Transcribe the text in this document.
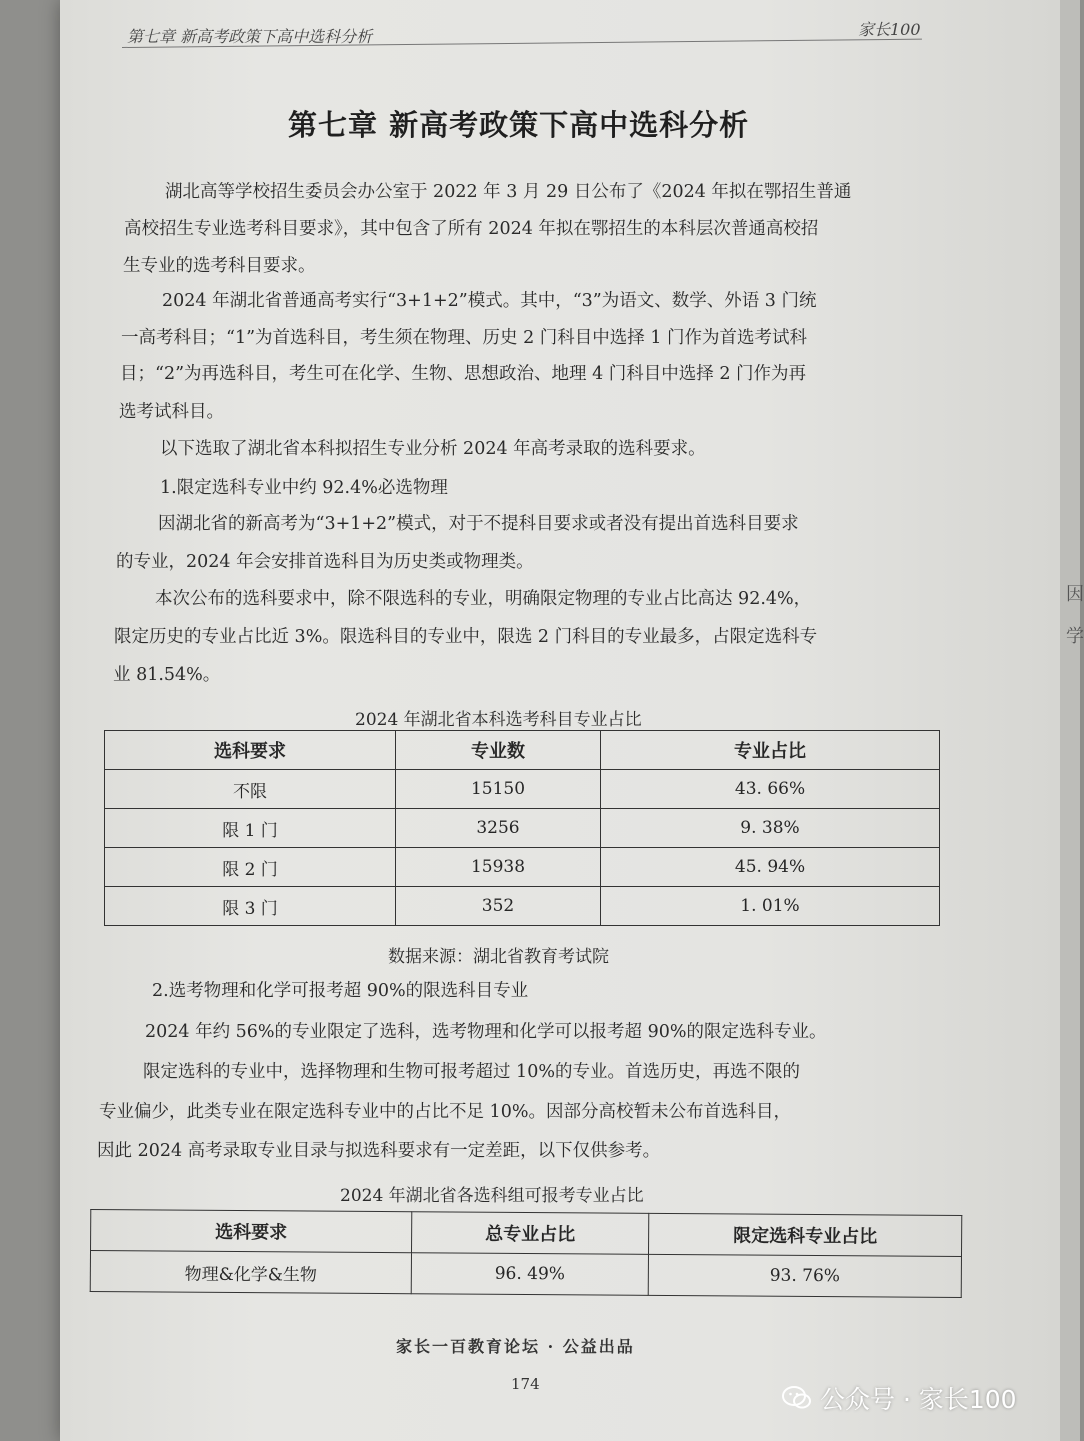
因
学
第七章 新高考政策下高中选科分析	家长100
第七章 新高考政策下高中选科分析
湖北高等学校招生委员会办公室于 2022 年 3 月 29 日公布了《2024 年拟在鄂招生普通
高校招生专业选考科目要求》，其中包含了所有 2024 年拟在鄂招生的本科层次普通高校招
生专业的选考科目要求。
2024 年湖北省普通高考实行“3+1+2”模式。其中，“3”为语文、数学、外语 3 门统
一高考科目；“1”为首选科目，考生须在物理、历史 2 门科目中选择 1 门作为首选考试科
目；“2”为再选科目，考生可在化学、生物、思想政治、地理 4 门科目中选择 2 门作为再
选考试科目。
以下选取了湖北省本科拟招生专业分析 2024 年高考录取的选科要求。
1.限定选科专业中约 92.4%必选物理
因湖北省的新高考为“3+1+2”模式，对于不提科目要求或者没有提出首选科目要求
的专业，2024 年会安排首选科目为历史类或物理类。
本次公布的选科要求中，除不限选科的专业，明确限定物理的专业占比高达 92.4%，
限定历史的专业占比近 3%。限选科目的专业中，限选 2 门科目的专业最多，占限定选科专
业 81.54%。
2024 年湖北省本科选考科目专业占比
选科要求	专业数	专业占比
不限	15150	43. 66%
限 1 门	3256	9. 38%
限 2 门	15938	45. 94%
限 3 门	352	1. 01%
数据来源：湖北省教育考试院
2.选考物理和化学可报考超 90%的限选科目专业
2024 年约 56%的专业限定了选科，选考物理和化学可以报考超 90%的限定选科专业。
限定选科的专业中，选择物理和生物可报考超过 10%的专业。首选历史，再选不限的
专业偏少，此类专业在限定选科专业中的占比不足 10%。因部分高校暂未公布首选科目，
因此 2024 高考录取专业目录与拟选科要求有一定差距，以下仅供参考。
2024 年湖北省各选科组可报考专业占比
选科要求	总专业占比	限定选科专业占比
物理&化学&生物	96. 49%	93. 76%
家长一百教育论坛 · 公益出品
174
公众号 · 家长100
